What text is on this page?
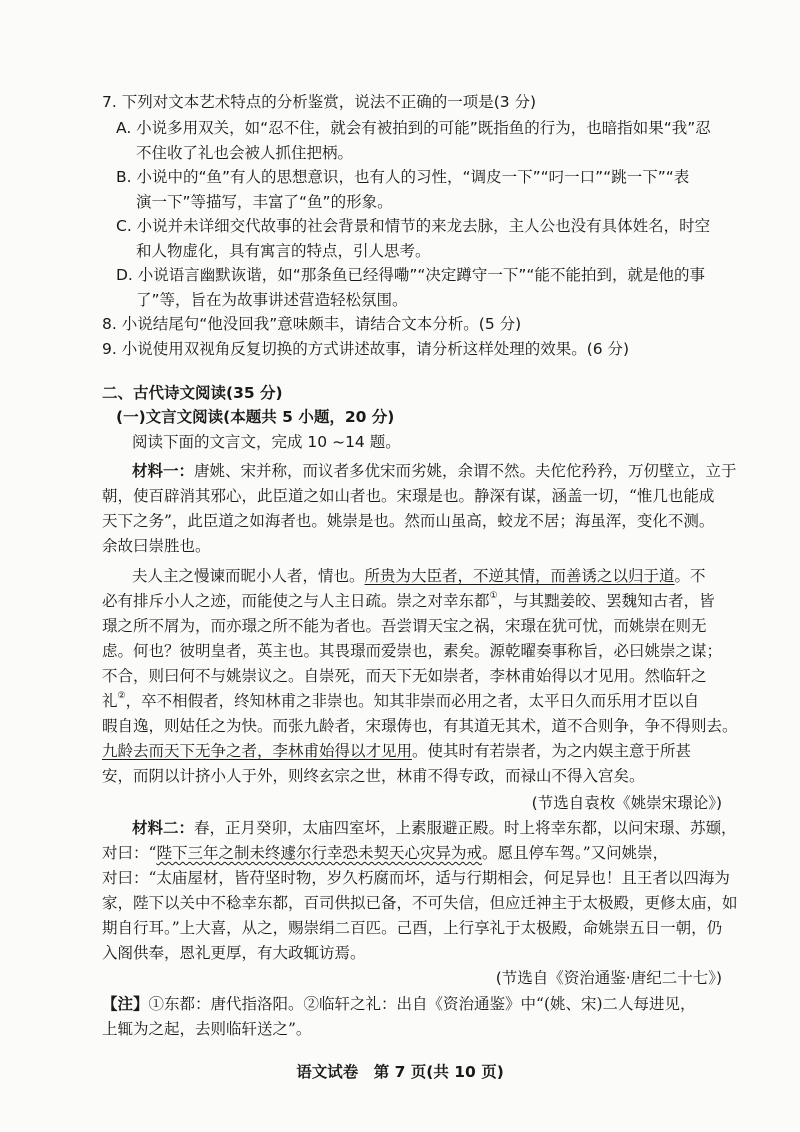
7. 下列对文本艺术特点的分析鉴赏，说法不正确的一项是(3 分)
A. 小说多用双关，如“忍不住，就会有被拍到的可能”既指鱼的行为，也暗指如果“我”忍
不住收了礼也会被人抓住把柄。
B. 小说中的“鱼”有人的思想意识，也有人的习性，“调皮一下”“叼一口”“跳一下”“表
演一下”等描写，丰富了“鱼”的形象。
C. 小说并未详细交代故事的社会背景和情节的来龙去脉，主人公也没有具体姓名，时空
和人物虚化，具有寓言的特点，引人思考。
D. 小说语言幽默诙谐，如“那条鱼已经得嘞”“决定蹲守一下”“能不能拍到，就是他的事
了”等，旨在为故事讲述营造轻松氛围。
8. 小说结尾句“他没回我”意味颇丰，请结合文本分析。(5 分)
9. 小说使用双视角反复切换的方式讲述故事，请分析这样处理的效果。(6 分)
二、古代诗文阅读(35 分)
(一)文言文阅读(本题共 5 小题，20 分)
阅读下面的文言文，完成 10 ~14 题。
材料一：唐姚、宋并称，而议者多优宋而劣姚，余谓不然。夫佗佗矜矜，万仞壁立，立于
朝，使百辟消其邪心，此臣道之如山者也。宋璟是也。静深有谋，涵盖一切，“惟几也能成
天下之务”，此臣道之如海者也。姚崇是也。然而山虽高，蛟龙不居；海虽浑，变化不测。
余故曰崇胜也。
夫人主之慢谏而昵小人者，情也。所贵为大臣者，不逆其情，而善诱之以归于道。不
必有排斥小人之迹，而能使之与人主日疏。崇之对幸东都①，与其黜姜皎、罢魏知古者，皆
璟之所不屑为，而亦璟之所不能为者也。吾尝谓天宝之祸，宋璟在犹可忧，而姚崇在则无
虑。何也？彼明皇者，英主也。其畏璟而爱崇也，素矣。源乾曜奏事称旨，必曰姚崇之谋；
不合，则曰何不与姚崇议之。自崇死，而天下无如崇者，李林甫始得以才见用。然临轩之
礼②，卒不相假者，终知林甫之非崇也。知其非崇而必用之者，太平日久而乐用才臣以自
暇自逸，则姑任之为快。而张九龄者，宋璟俦也，有其道无其术，道不合则争，争不得则去。
九龄去而天下无争之者，李林甫始得以才见用。使其时有若崇者，为之内娱主意于所甚
安，而阴以计挤小人于外，则终玄宗之世，林甫不得专政，而禄山不得入宫矣。
(节选自袁枚《姚崇宋璟论》)
材料二：春，正月癸卯，太庙四室坏，上素服避正殿。时上将幸东都，以问宋璟、苏颋，
对曰：“陛下三年之制未终遽尔行幸恐未契天心灾异为戒。愿且停车驾。”又问姚崇，
对曰：“太庙屋材，皆苻坚时物，岁久朽腐而坏，适与行期相会，何足异也！且王者以四海为
家，陛下以关中不稔幸东都，百司供拟已备，不可失信，但应迁神主于太极殿，更修太庙，如
期自行耳。”上大喜，从之，赐崇绢二百匹。己酉，上行享礼于太极殿，命姚崇五日一朝，仍
入阁供奉，恩礼更厚，有大政辄访焉。
(节选自《资治通鉴·唐纪二十七》)
【注】①东都：唐代指洛阳。②临轩之礼：出自《资治通鉴》中“(姚、宋)二人每进见，
上辄为之起，去则临轩送之”。
语文试卷　第 7 页(共 10 页)
